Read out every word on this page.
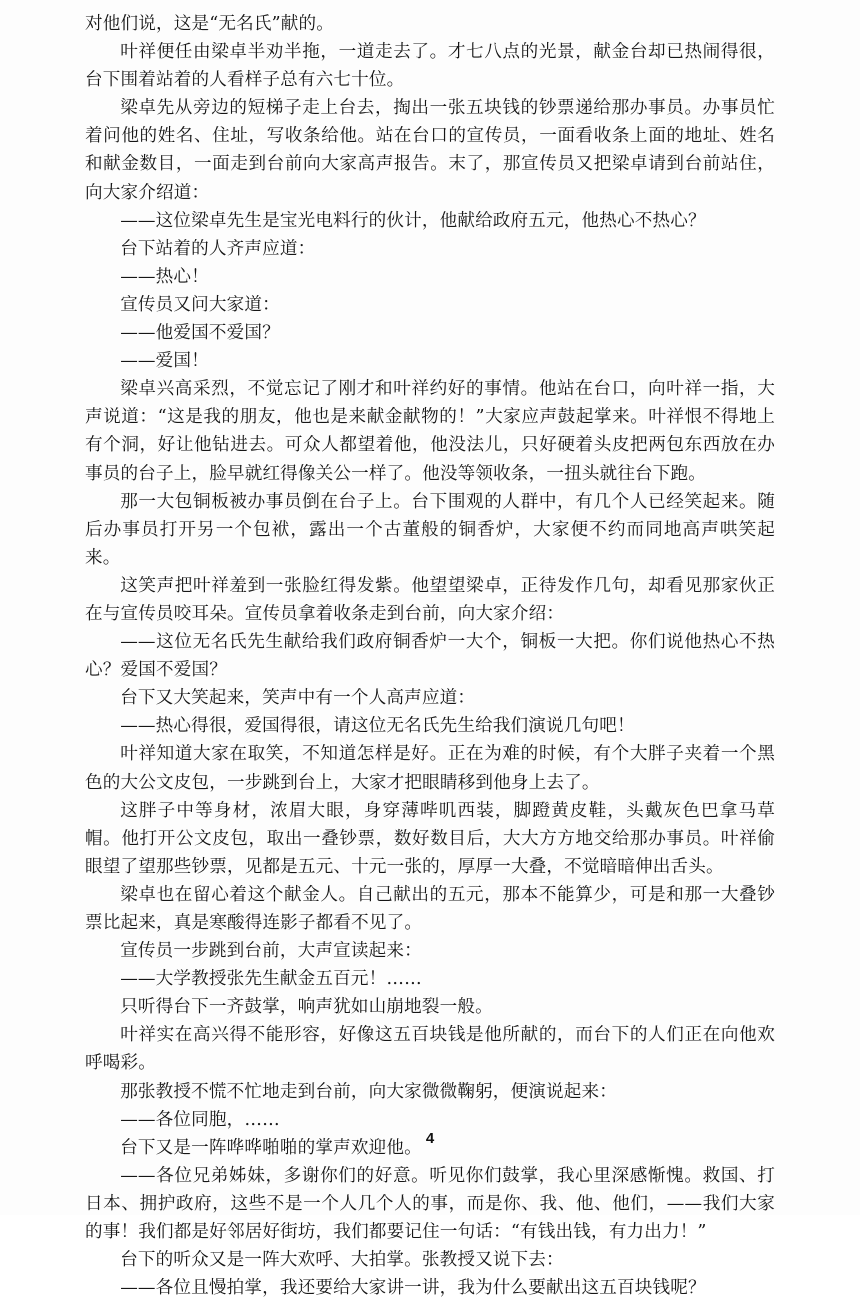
对他们说，这是“无名氏”献的。

叶祥便任由梁卓半劝半拖，一道走去了。才七八点的光景，献金台却已热闹得很，台下围着站着的人看样子总有六七十位。

梁卓先从旁边的短梯子走上台去，掏出一张五块钱的钞票递给那办事员。办事员忙着问他的姓名、住址，写收条给他。站在台口的宣传员，一面看收条上面的地址、姓名和献金数目，一面走到台前向大家高声报告。末了，那宣传员又把梁卓请到台前站住，向大家介绍道：

——这位梁卓先生是宝光电料行的伙计，他献给政府五元，他热心不热心？

台下站着的人齐声应道：

——热心！

宣传员又问大家道：

——他爱国不爱国？

——爱国！

梁卓兴高采烈，不觉忘记了刚才和叶祥约好的事情。他站在台口，向叶祥一指，大声说道：“这是我的朋友，他也是来献金献物的！”大家应声鼓起掌来。叶祥恨不得地上有个洞，好让他钻进去。可众人都望着他，他没法儿，只好硬着头皮把两包东西放在办事员的台子上，脸早就红得像关公一样了。他没等领收条，一扭头就往台下跑。

那一大包铜板被办事员倒在台子上。台下围观的人群中，有几个人已经笑起来。随后办事员打开另一个包袱，露出一个古董般的铜香炉，大家便不约而同地高声哄笑起来。

这笑声把叶祥羞到一张脸红得发紫。他望望梁卓，正待发作几句，却看见那家伙正在与宣传员咬耳朵。宣传员拿着收条走到台前，向大家介绍：

——这位无名氏先生献给我们政府铜香炉一大个，铜板一大把。你们说他热心不热心？爱国不爱国？

台下又大笑起来，笑声中有一个人高声应道：

——热心得很，爱国得很，请这位无名氏先生给我们演说几句吧！

叶祥知道大家在取笑，不知道怎样是好。正在为难的时候，有个大胖子夹着一个黑色的大公文皮包，一步跳到台上，大家才把眼睛移到他身上去了。

这胖子中等身材，浓眉大眼，身穿薄哔叽西装，脚蹬黄皮鞋，头戴灰色巴拿马草帽。他打开公文皮包，取出一叠钞票，数好数目后，大大方方地交给那办事员。叶祥偷眼望了望那些钞票，见都是五元、十元一张的，厚厚一大叠，不觉暗暗伸出舌头。

梁卓也在留心着这个献金人。自己献出的五元，那本不能算少，可是和那一大叠钞票比起来，真是寒酸得连影子都看不见了。

宣传员一步跳到台前，大声宣读起来：

——大学教授张先生献金五百元！……

只听得台下一齐鼓掌，响声犹如山崩地裂一般。

叶祥实在高兴得不能形容，好像这五百块钱是他所献的，而台下的人们正在向他欢呼喝彩。

那张教授不慌不忙地走到台前，向大家微微鞠躬，便演说起来：

——各位同胞，……

台下又是一阵哗哗啪啪的掌声欢迎他。

——各位兄弟姊妹，多谢你们的好意。听见你们鼓掌，我心里深感惭愧。救国、打日本、拥护政府，这些不是一个人几个人的事，而是你、我、他、他们，——我们大家的事！我们都是好邻居好街坊，我们都要记住一句话：“有钱出钱，有力出力！”

台下的听众又是一阵大欢呼、大拍掌。张教授又说下去：

——各位且慢拍掌，我还要给大家讲一讲，我为什么要献出这五百块钱呢？

4
